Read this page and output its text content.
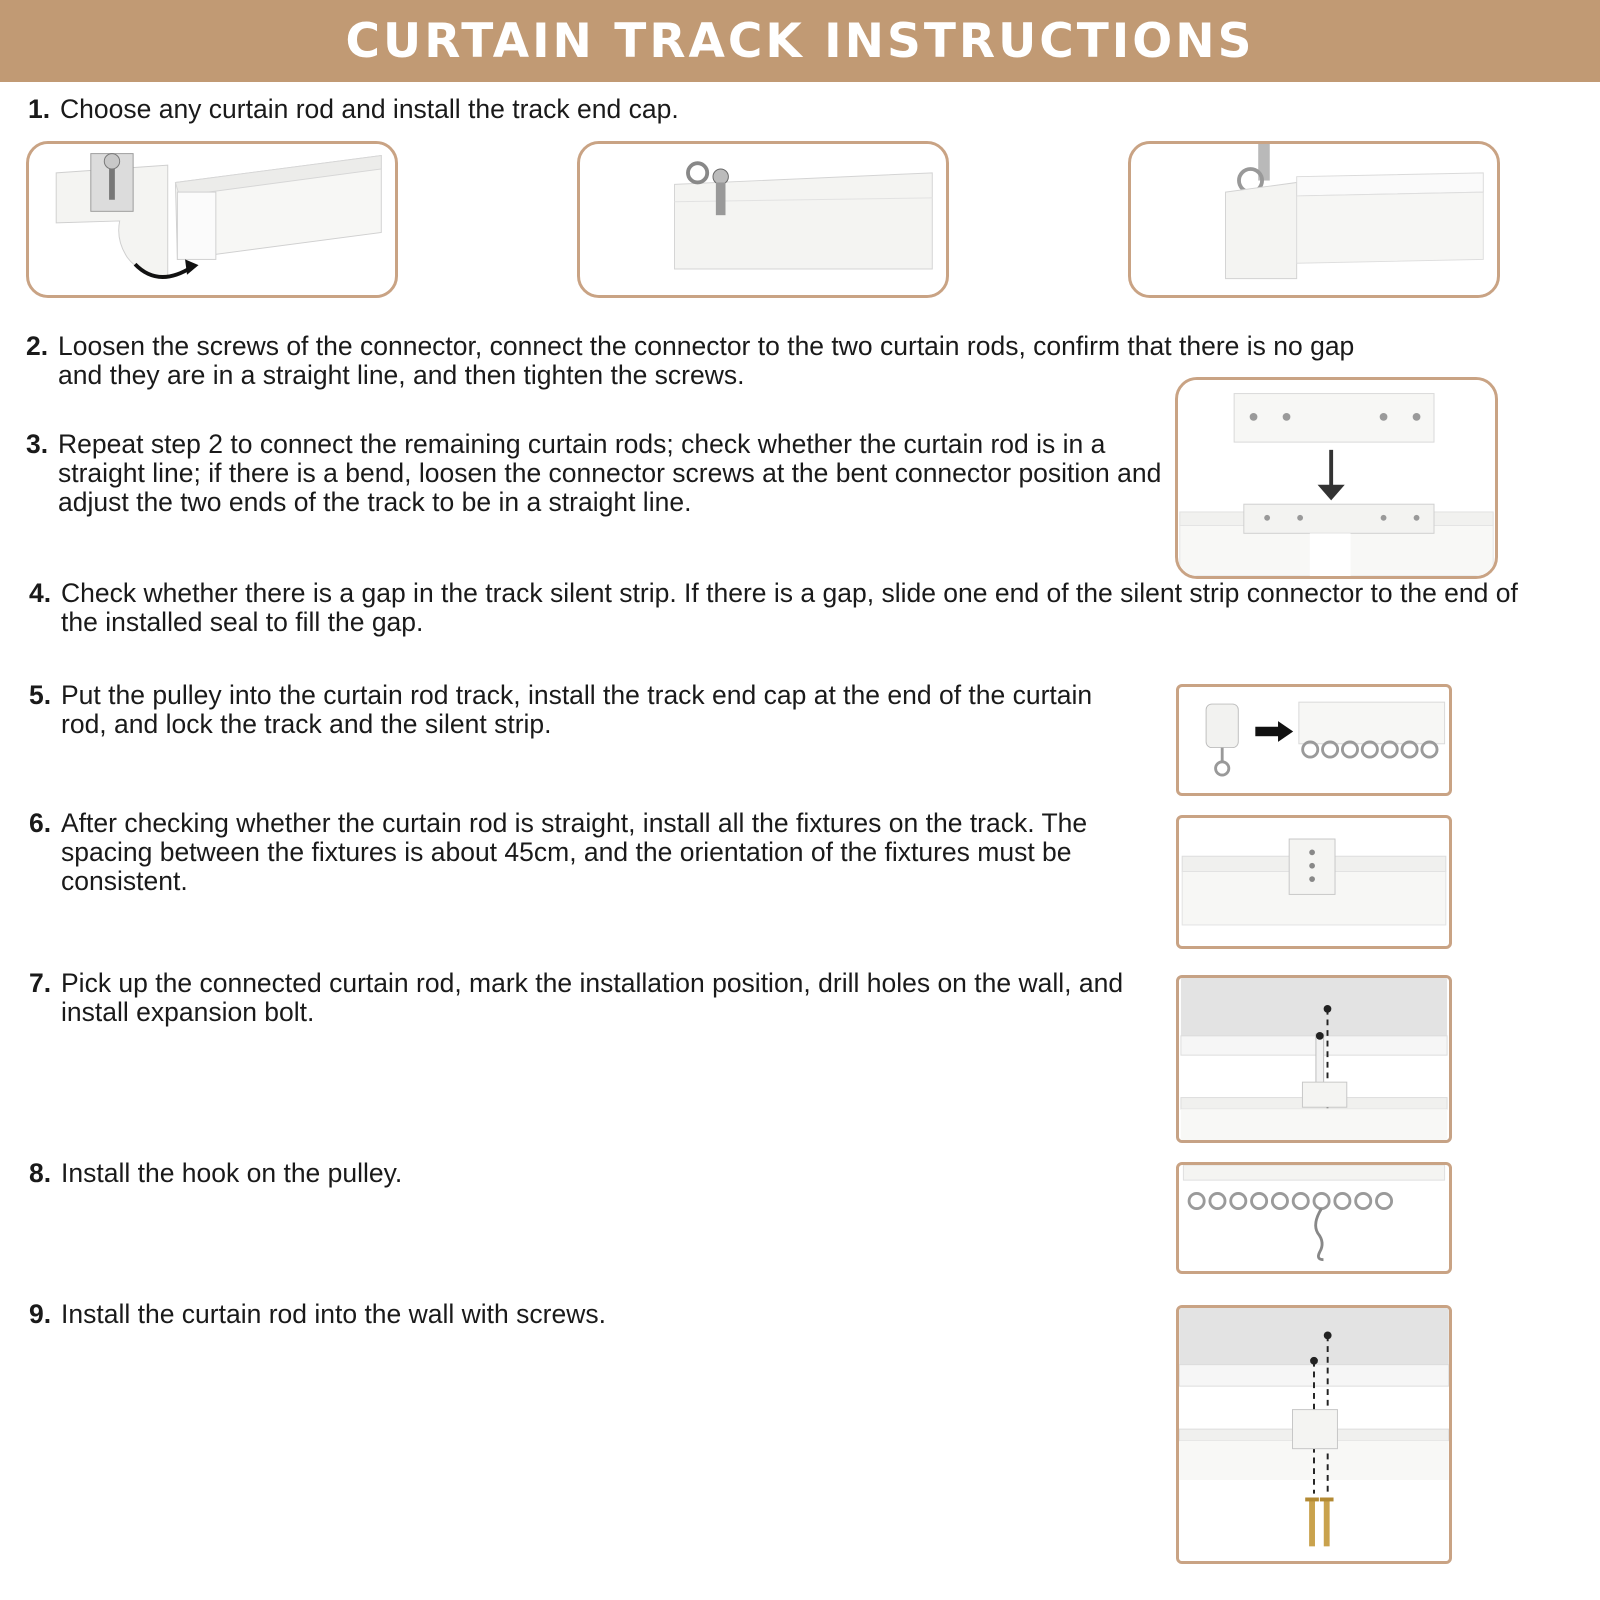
CURTAIN TRACK INSTRUCTIONS
1. Choose any curtain rod and install the track end cap.
2. Loosen the screws of the connector, connect the connector to the two curtain rods, confirm that there is no gap and they are in a straight line, and then tighten the screws.
3. Repeat step 2 to connect the remaining curtain rods; check whether the curtain rod is in a straight line; if there is a bend, loosen the connector screws at the bent connector position and adjust the two ends of the track to be in a straight line.
4. Check whether there is a gap in the track silent strip. If there is a gap, slide one end of the silent strip connector to the end of the installed seal to fill the gap.
5. Put the pulley into the curtain rod track, install the track end cap at the end of the curtain rod, and lock the track and the silent strip.
6. After checking whether the curtain rod is straight, install all the fixtures on the track. The spacing between the fixtures is about 45cm, and the orientation of the fixtures must be consistent.
7. Pick up the connected curtain rod, mark the installation position, drill holes on the wall, and install expansion bolt.
8. Install the hook on the pulley.
9. Install the curtain rod into the wall with screws.
